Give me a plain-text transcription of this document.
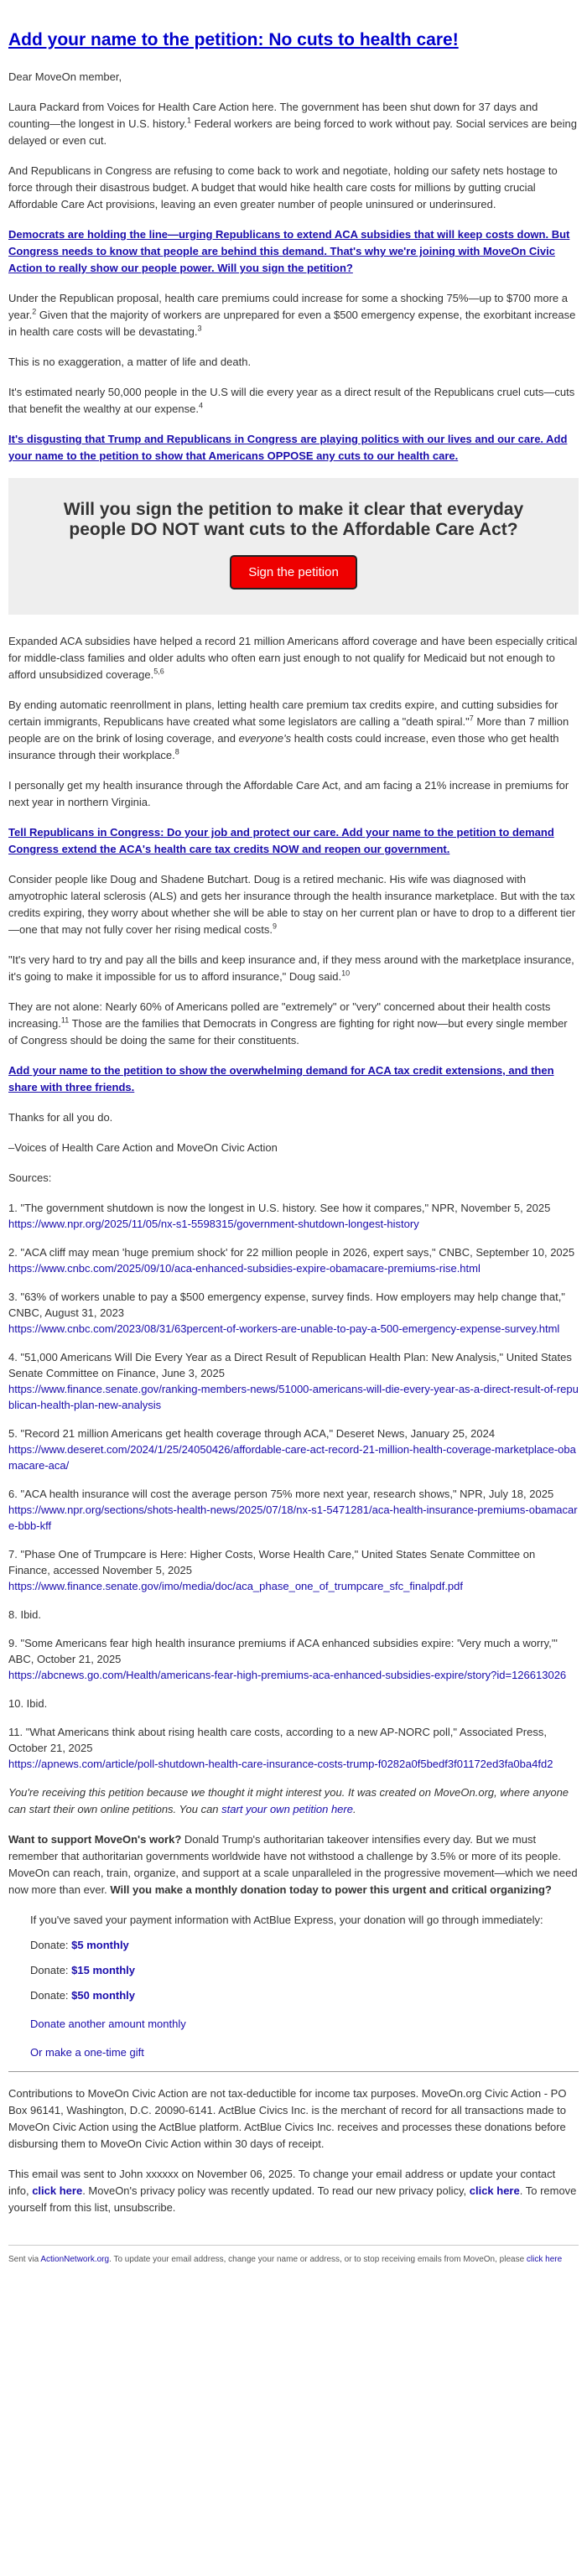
Add your name to the petition: No cuts to health care!

Dear MoveOn member,

Laura Packard from Voices for Health Care Action here. The government has been shut down for 37 days and counting—the longest in U.S. history.$^1$ Federal workers are being forced to work without pay. Social services are being delayed or even cut.

And Republicans in Congress are refusing to come back to work and negotiate, holding our safety nets hostage to force through their disastrous budget. A budget that would hike health care costs for millions by gutting crucial Affordable Care Act provisions, leaving an even greater number of people uninsured or underinsured.

Democrats are holding the line—urging Republicans to extend ACA subsidies that will keep costs down. But Congress needs to know that people are behind this demand. That's why we're joining with MoveOn Civic Action to really show our people power. Will you sign the petition?

Under the Republican proposal, health care premiums could increase for some a shocking 75%—up to $700 more a year.$^2$ Given that the majority of workers are unprepared for even a $500 emergency expense, the exorbitant increase in health care costs will be devastating.$^3$

This is no exaggeration, a matter of life and death.

It's estimated nearly 50,000 people in the U.S will die every year as a direct result of the Republicans cruel cuts—cuts that benefit the wealthy at our expense.$^4$

It's disgusting that Trump and Republicans in Congress are playing politics with our lives and our care. Add your name to the petition to show that Americans OPPOSE any cuts to our health care.

Will you sign the petition to make it clear that everyday people DO NOT want cuts to the Affordable Care Act?
Sign the petition

Expanded ACA subsidies have helped a record 21 million Americans afford coverage and have been especially critical for middle-class families and older adults who often earn just enough to not qualify for Medicaid but not enough to afford unsubsidized coverage.$^{5,6}$

By ending automatic reenrollment in plans, letting health care premium tax credits expire, and cutting subsidies for certain immigrants, Republicans have created what some legislators are calling a "death spiral."$^7$ More than 7 million people are on the brink of losing coverage, and everyone's health costs could increase, even those who get health insurance through their workplace.$^8$

I personally get my health insurance through the Affordable Care Act, and am facing a 21% increase in premiums for next year in northern Virginia.

Tell Republicans in Congress: Do your job and protect our care. Add your name to the petition to demand Congress extend the ACA's health care tax credits NOW and reopen our government.

Consider people like Doug and Shadene Butchart. Doug is a retired mechanic. His wife was diagnosed with amyotrophic lateral sclerosis (ALS) and gets her insurance through the health insurance marketplace. But with the tax credits expiring, they worry about whether she will be able to stay on her current plan or have to drop to a different tier—one that may not fully cover her rising medical costs.$^9$

"It's very hard to try and pay all the bills and keep insurance and, if they mess around with the marketplace insurance, it's going to make it impossible for us to afford insurance," Doug said.$^{10}$

They are not alone: Nearly 60% of Americans polled are "extremely" or "very" concerned about their health costs increasing.$^{11}$ Those are the families that Democrats in Congress are fighting for right now—but every single member of Congress should be doing the same for their constituents.

Add your name to the petition to show the overwhelming demand for ACA tax credit extensions, and then share with three friends.

Thanks for all you do.

–Voices of Health Care Action and MoveOn Civic Action

Sources:

1. "The government shutdown is now the longest in U.S. history. See how it compares," NPR, November 5, 2025
https://www.npr.org/2025/11/05/nx-s1-5598315/government-shutdown-longest-history
2. "ACA cliff may mean 'huge premium shock' for 22 million people in 2026, expert says," CNBC, September 10, 2025
https://www.cnbc.com/2025/09/10/aca-enhanced-subsidies-expire-obamacare-premiums-rise.html
3. "63% of workers unable to pay a $500 emergency expense, survey finds. How employers may help change that," CNBC, August 31, 2023
https://www.cnbc.com/2023/08/31/63percent-of-workers-are-unable-to-pay-a-500-emergency-expense-survey.html
4. "51,000 Americans Will Die Every Year as a Direct Result of Republican Health Plan: New Analysis," United States Senate Committee on Finance, June 3, 2025
https://www.finance.senate.gov/ranking-members-news/51000-americans-will-die-every-year-as-a-direct-result-of-republican-health-plan-new-analysis
5. "Record 21 million Americans get health coverage through ACA," Deseret News, January 25, 2024
https://www.deseret.com/2024/1/25/24050426/affordable-care-act-record-21-million-health-coverage-marketplace-obamacare-aca/
6. "ACA health insurance will cost the average person 75% more next year, research shows," NPR, July 18, 2025
https://www.npr.org/sections/shots-health-news/2025/07/18/nx-s1-5471281/aca-health-insurance-premiums-obamacare-bbb-kff
7. "Phase One of Trumpcare is Here: Higher Costs, Worse Health Care," United States Senate Committee on Finance, accessed November 5, 2025
https://www.finance.senate.gov/imo/media/doc/aca_phase_one_of_trumpcare_sfc_finalpdf.pdf
8. Ibid.
9. "Some Americans fear high health insurance premiums if ACA enhanced subsidies expire: 'Very much a worry,'" ABC, October 21, 2025
https://abcnews.go.com/Health/americans-fear-high-premiums-aca-enhanced-subsidies-expire/story?id=126613026
10. Ibid.
11. "What Americans think about rising health care costs, according to a new AP-NORC poll," Associated Press, October 21, 2025
https://apnews.com/article/poll-shutdown-health-care-insurance-costs-trump-f0282a0f5bedf3f01172ed3fa0ba4fd2

You're receiving this petition because we thought it might interest you. It was created on MoveOn.org, where anyone can start their own online petitions. You can start your own petition here.

Want to support MoveOn's work? Donald Trump's authoritarian takeover intensifies every day. But we must remember that authoritarian governments worldwide have not withstood a challenge by 3.5% or more of its people. MoveOn can reach, train, organize, and support at a scale unparalleled in the progressive movement—which we need now more than ever. Will you make a monthly donation today to power this urgent and critical organizing?

If you've saved your payment information with ActBlue Express, your donation will go through immediately:

Donate: $5 monthly

Donate: $15 monthly

Donate: $50 monthly

Donate another amount monthly

Or make a one-time gift

Contributions to MoveOn Civic Action are not tax-deductible for income tax purposes. MoveOn.org Civic Action - PO Box 96141, Washington, D.C. 20090-6141. ActBlue Civics Inc. is the merchant of record for all transactions made to MoveOn Civic Action using the ActBlue platform. ActBlue Civics Inc. receives and processes these donations before disbursing them to MoveOn Civic Action within 30 days of receipt.

This email was sent to John xxxxxx on November 06, 2025. To change your email address or update your contact info, click here. MoveOn's privacy policy was recently updated. To read our new privacy policy, click here. To remove yourself from this list, unsubscribe.

Sent via ActionNetwork.org. To update your email address, change your name or address, or to stop receiving emails from MoveOn, please click here
